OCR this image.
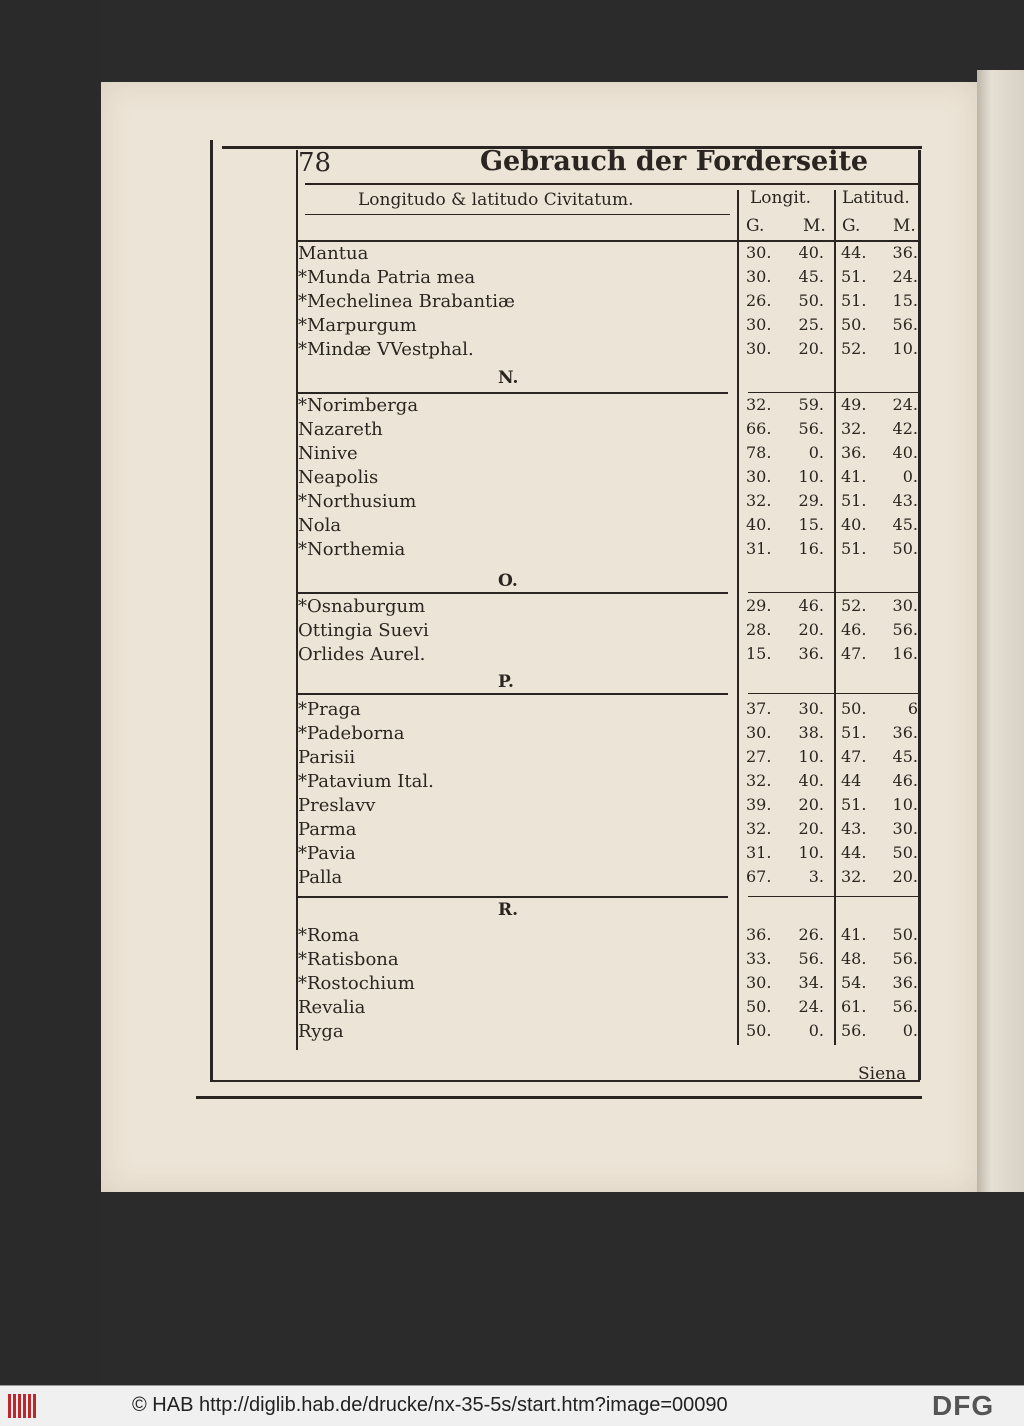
78	Gebrauch der Forderseite
Longitudo & latitudo Civitatum.	Longit. Latitud.
G. M. G. M.
Mantua	30.	40. 44.	36.
*Munda Patria mea	30.	45. 51.	24.
*Mechelinea Brabantiæ	26.	50. 51.	15.
*Marpurgum	30.	25. 50.	56.
*Mindæ VVestphal.	30.	20. 52.	10.
N.
*Norimberga	32.	59. 49.	24.
Nazareth	66.	56. 32.	42.
Ninive	78.	0. 36.	40.
Neapolis	30.	10. 41.	0.
*Northusium	32.	29. 51.	43.
Nola	40.	15. 40.	45.
*Northemia	31.	16. 51.	50.
O.
*Osnaburgum	29.	46. 52.	30.
Ottingia Suevi	28.	20. 46.	56.
Orlides Aurel.	15.	36. 47.	16.
P.
*Praga	37.	30. 50.	6
*Padeborna	30.	38. 51.	36.
Parisii	27.	10. 47.	45.
*Patavium Ital.	32.	40. 44	46.
Preslavv	39.	20. 51.	10.
Parma	32.	20. 43.	30.
*Pavia	31.	10. 44.	50.
Palla	67.	3. 32.	20.
R.
*Roma	36.	26. 41.	50.
*Ratisbona	33.	56. 48.	56.
*Rostochium	30.	34. 54.	36.
Revalia	50.	24. 61.	56.
Ryga	50.	0. 56.	0.
Siena
© HAB http://diglib.hab.de/drucke/nx-35-5s/start.htm?image=00090	DFG
